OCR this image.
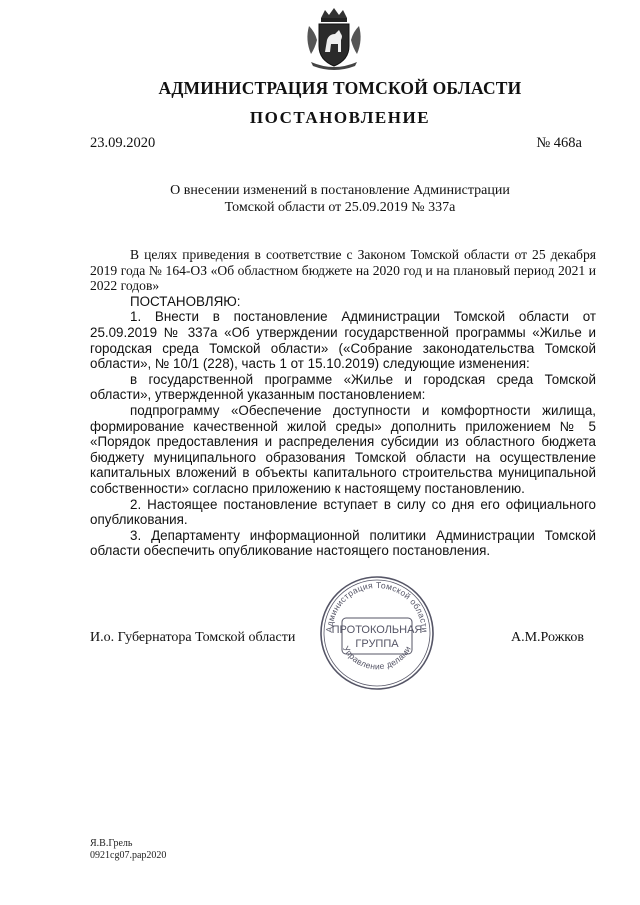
АДМИНИСТРАЦИЯ ТОМСКОЙ ОБЛАСТИ
ПОСТАНОВЛЕНИЕ
23.09.2020	№ 468а
О внесении изменений в постановление Администрации
Томской области от 25.09.2019 № 337а

В целях приведения в соответствие с Законом Томской области от 25 декабря 2019 года № 164-ОЗ «Об областном бюджете на 2020 год и на плановый период 2021 и 2022 годов»

ПОСТАНОВЛЯЮ:

1. Внести в постановление Администрации Томской области от 25.09.2019 № 337а «Об утверждении государственной программы «Жилье и городская среда Томской области» («Собрание законодательства Томской области», № 10/1 (228), часть 1 от 15.10.2019) следующие изменения:

в государственной программе «Жилье и городская среда Томской области», утвержденной указанным постановлением:

подпрограмму «Обеспечение доступности и комфортности жилища, формирование качественной жилой среды» дополнить приложением № 5 «Порядок предоставления и распределения субсидии из областного бюджета бюджету муниципального образования Томской области на осуществление капитальных вложений в объекты капитального строительства муниципальной собственности» согласно приложению к настоящему постановлению.

2. Настоящее постановление вступает в силу со дня его официального опубликования.

3. Департаменту информационной политики Администрации Томской области обеспечить опубликование настоящего постановления.

И.о. Губернатора Томской области	А.М.Рожков
Администрация Томской области
Управление делами
ПРОТОКОЛЬНАЯ
ГРУППА
Я.В.Грель
0921сg07.рар2020
